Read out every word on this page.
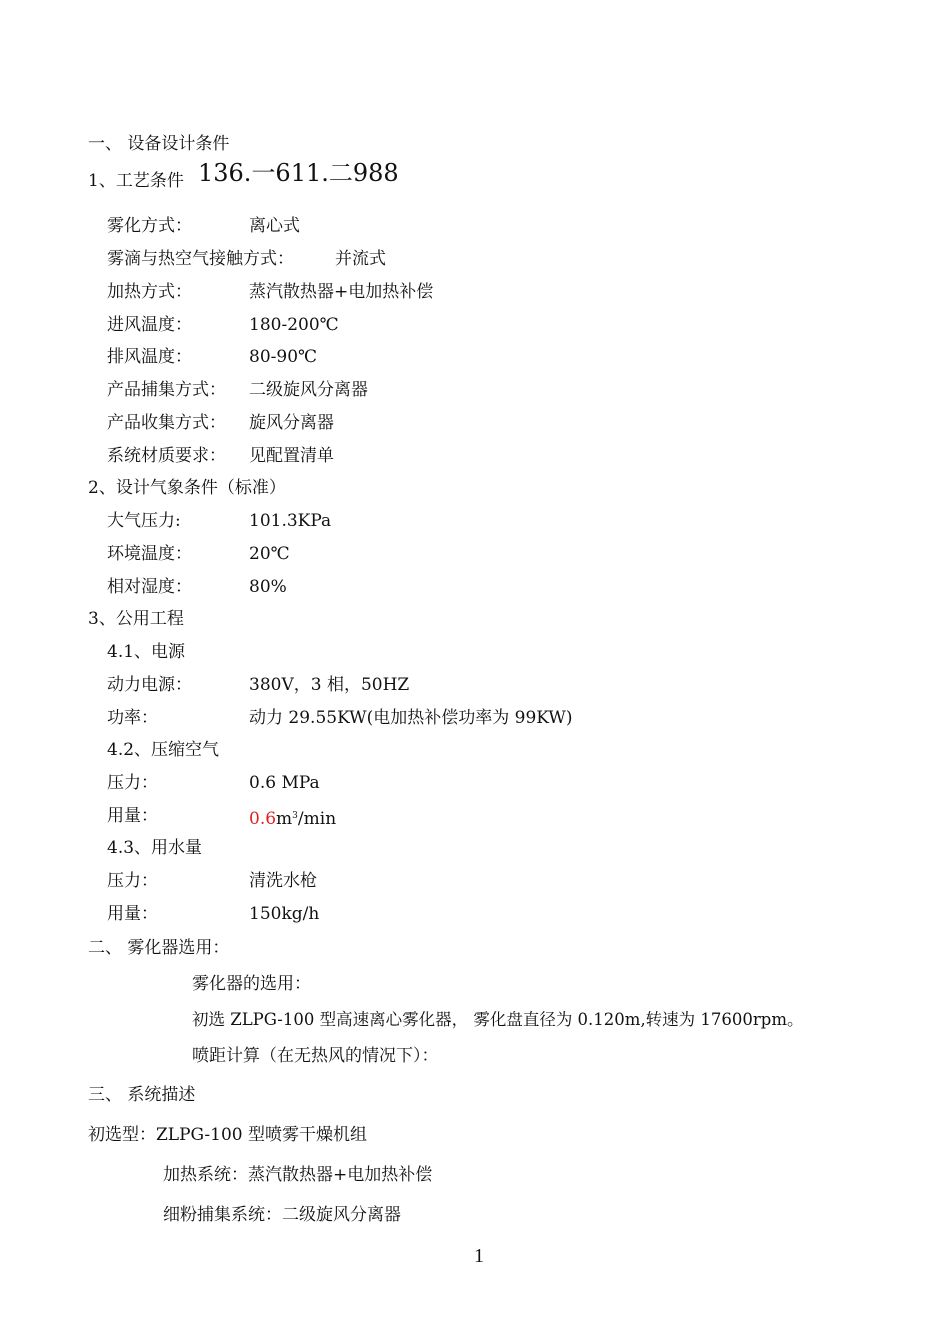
一、 设备设计条件
1、工艺条件 136.一611.二988
雾化方式：	离心式
雾滴与热空气接触方式： 并流式
加热方式：	蒸汽散热器+电加热补偿
进风温度：	180-200℃
排风温度：	80-90℃
产品捕集方式： 二级旋风分离器
产品收集方式： 旋风分离器
系统材质要求： 见配置清单
2、设计气象条件（标准）
大气压力:	101.3KPa
环境温度：	20℃
相对湿度：	80%
3、公用工程
4.1、电源
动力电源：	380V，3 相，50HZ
功率：	动力 29.55KW(电加热补偿功率为 99KW)
4.2、压缩空气
压力：	0.6 MPa
用量：	$0.6m^3/\min$
4.3、用水量
压力：	清洗水枪
用量：	150kg/h
二、 雾化器选用：
雾化器的选用：
初选 ZLPG-100 型高速离心雾化器， 雾化盘直径为 0.120m,转速为 17600rpm。
喷距计算（在无热风的情况下）：
三、 系统描述
初选型：ZLPG-100 型喷雾干燥机组
加热系统：蒸汽散热器+电加热补偿
细粉捕集系统：二级旋风分离器
1
